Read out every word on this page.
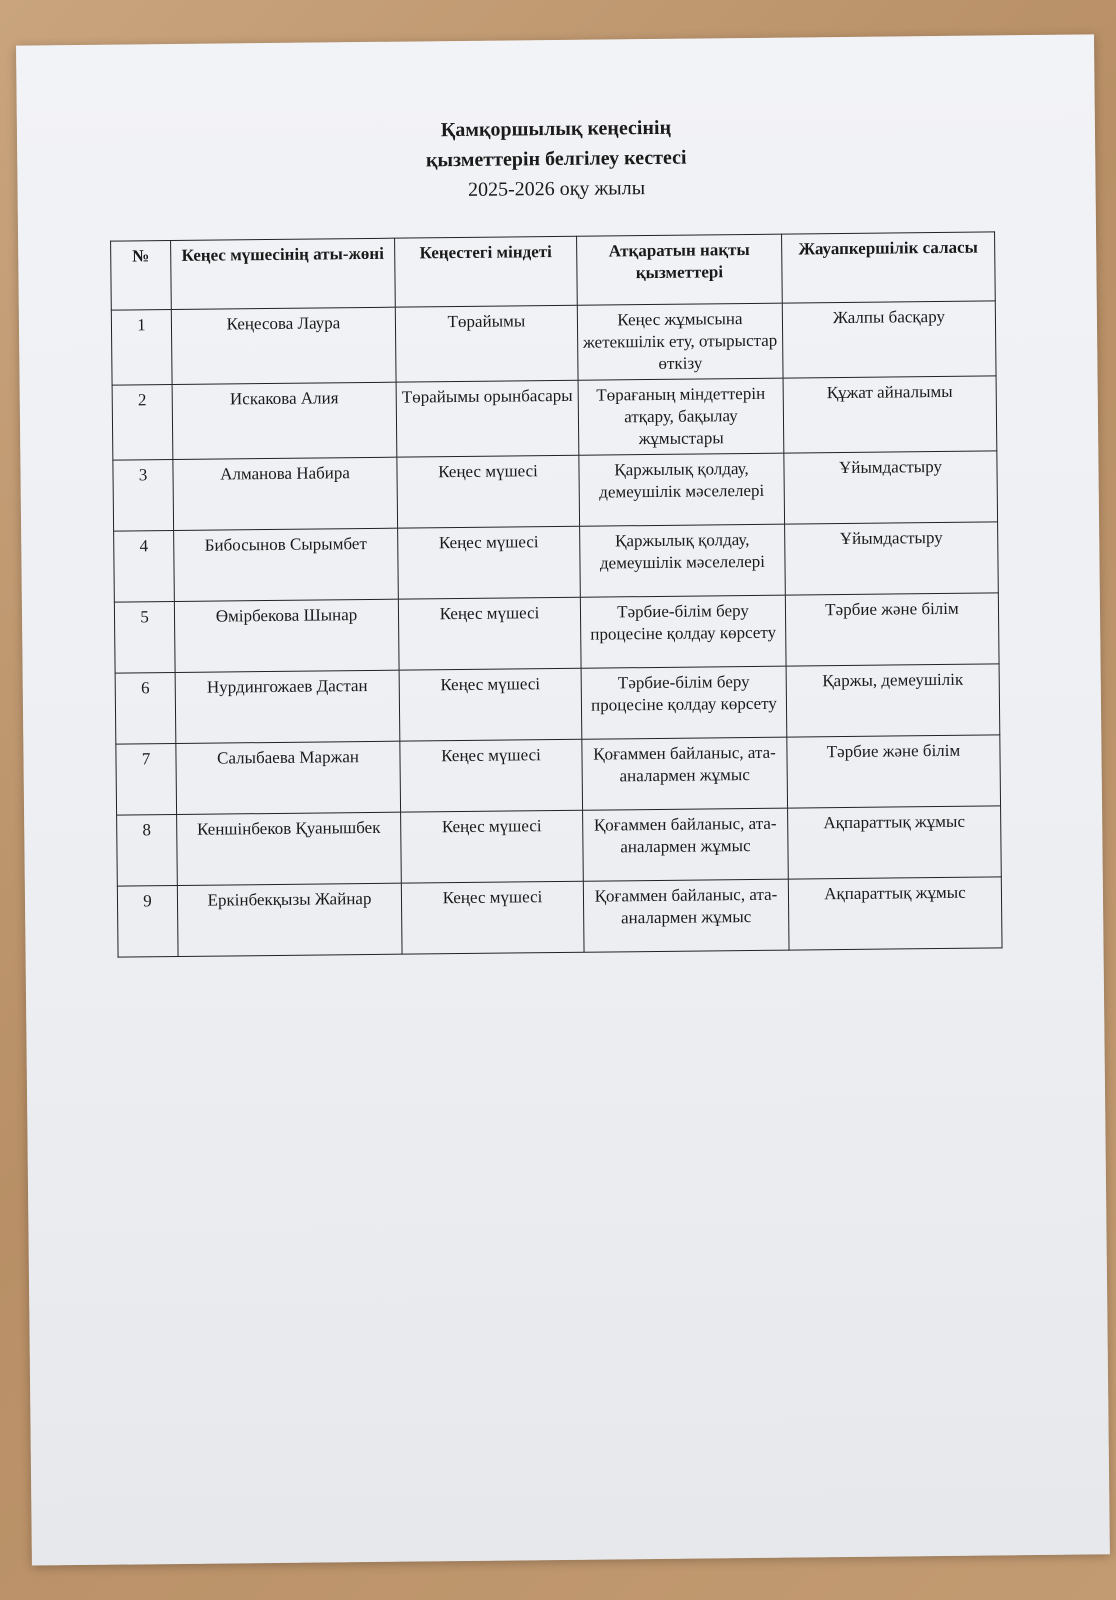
Қамқоршылық кеңесінің
қызметтерін белгілеу кестесі
2025-2026 оқу жылы
№	Кеңес мүшесінің аты-жөні	Кеңестегі міндеті	Атқаратын нақты қызметтері	Жауапкершілік саласы
1	Кеңесова Лаура	Төрайымы	Кеңес жұмысына жетекшілік ету, отырыстар өткізу	Жалпы басқару
2	Искакова Алия	Төрайымы орынбасары	Төрағаның міндеттерін атқару, бақылау жұмыстары	Құжат айналымы
3	Алманова Набира	Кеңес мүшесі	Қаржылық қолдау, демеушілік мәселелері	Ұйымдастыру
4	Бибосынов Сырымбет	Кеңес мүшесі	Қаржылық қолдау, демеушілік мәселелері	Ұйымдастыру
5	Өмірбекова Шынар	Кеңес мүшесі	Тәрбие-білім беру процесіне қолдау көрсету	Тәрбие және білім
6	Нурдингожаев Дастан	Кеңес мүшесі	Тәрбие-білім беру процесіне қолдау көрсету	Қаржы, демеушілік
7	Салыбаева Маржан	Кеңес мүшесі	Қоғаммен байланыс, ата-аналармен жұмыс	Тәрбие және білім
8	Кеншінбеков Қуанышбек	Кеңес мүшесі	Қоғаммен байланыс, ата-аналармен жұмыс	Ақпараттық жұмыс
9	Еркінбекқызы Жайнар	Кеңес мүшесі	Қоғаммен байланыс, ата-аналармен жұмыс	Ақпараттық жұмыс
